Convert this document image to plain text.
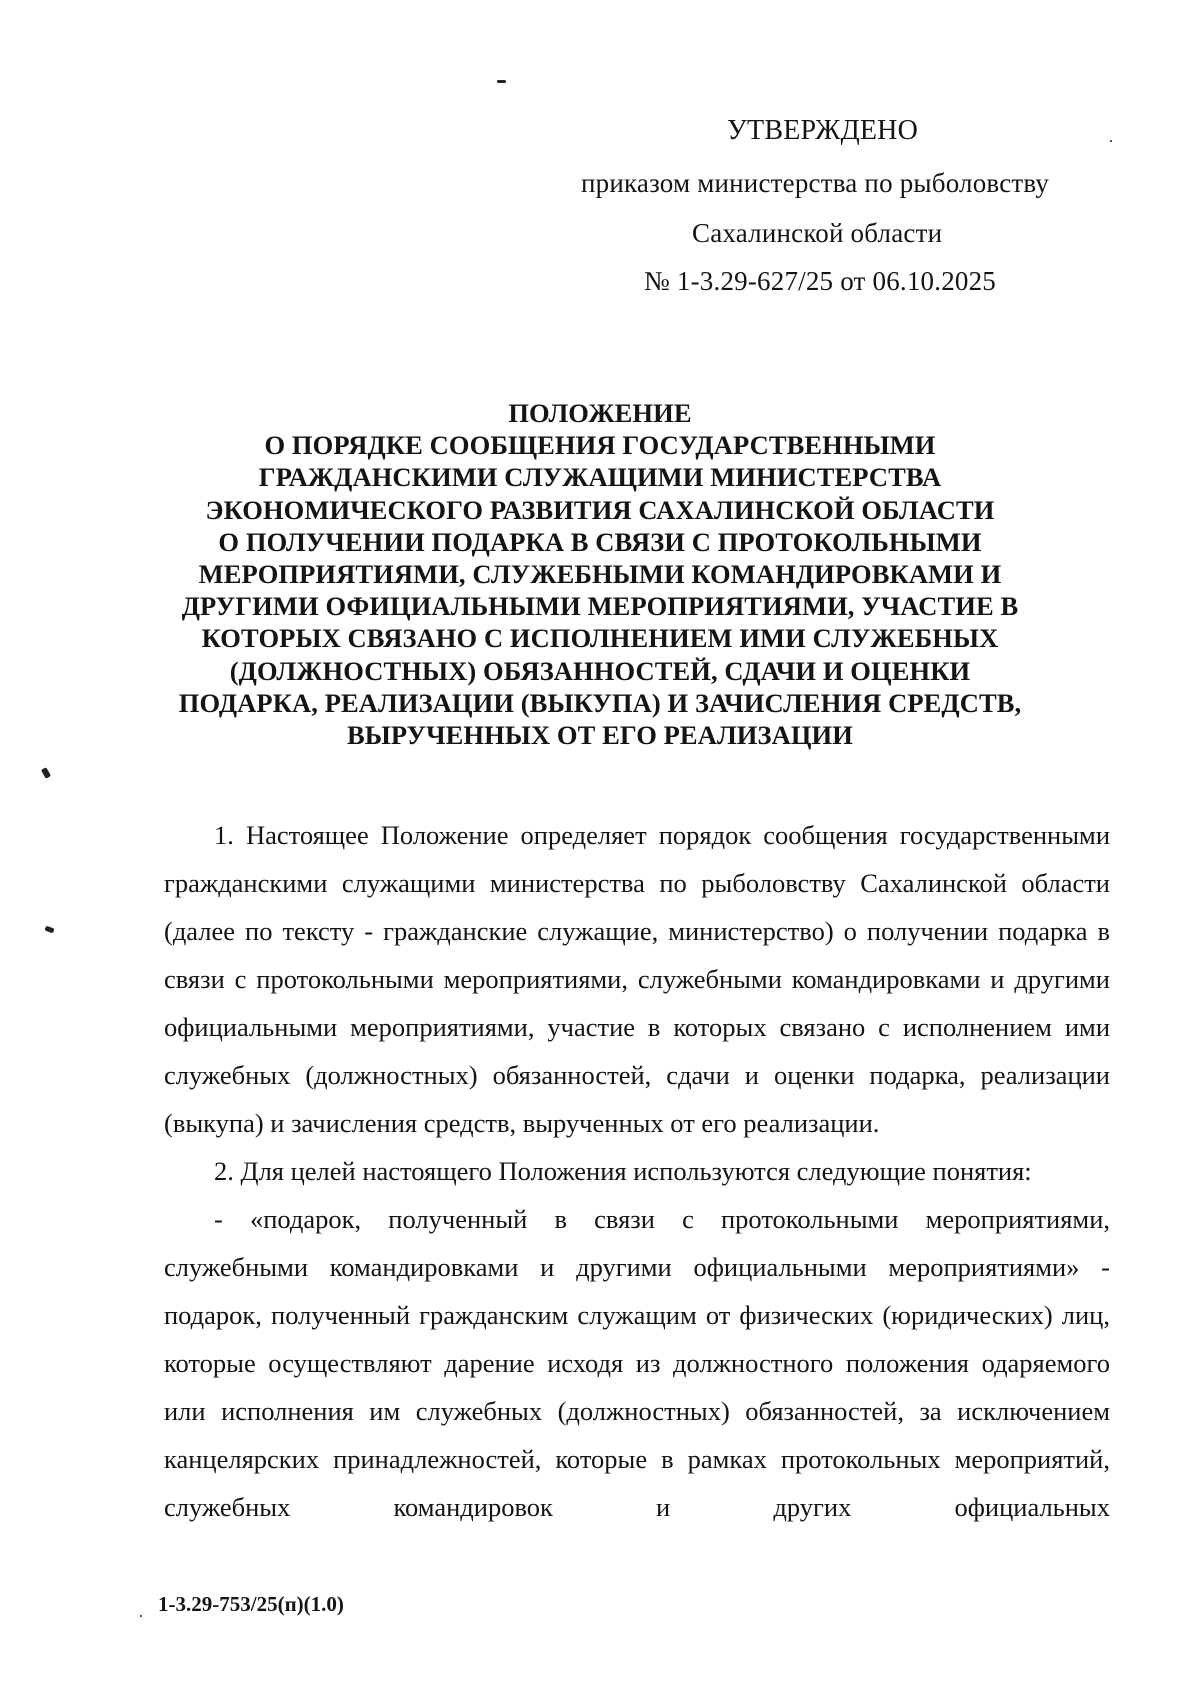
УТВЕРЖДЕНО
приказом министерства по рыболовству
Сахалинской области
№ 1-3.29-627/25 от 06.10.2025
ПОЛОЖЕНИЕ
О ПОРЯДКЕ СООБЩЕНИЯ ГОСУДАРСТВЕННЫМИ
ГРАЖДАНСКИМИ СЛУЖАЩИМИ МИНИСТЕРСТВА
ЭКОНОМИЧЕСКОГО РАЗВИТИЯ САХАЛИНСКОЙ ОБЛАСТИ
О ПОЛУЧЕНИИ ПОДАРКА В СВЯЗИ С ПРОТОКОЛЬНЫМИ
МЕРОПРИЯТИЯМИ, СЛУЖЕБНЫМИ КОМАНДИРОВКАМИ И
ДРУГИМИ ОФИЦИАЛЬНЫМИ МЕРОПРИЯТИЯМИ, УЧАСТИЕ В
КОТОРЫХ СВЯЗАНО С ИСПОЛНЕНИЕМ ИМИ СЛУЖЕБНЫХ
(ДОЛЖНОСТНЫХ) ОБЯЗАННОСТЕЙ, СДАЧИ И ОЦЕНКИ
ПОДАРКА, РЕАЛИЗАЦИИ (ВЫКУПА) И ЗАЧИСЛЕНИЯ СРЕДСТВ,
ВЫРУЧЕННЫХ ОТ ЕГО РЕАЛИЗАЦИИ
1. Настоящее Положение определяет порядок сообщения государственными гражданскими служащими министерства по рыболовству Сахалинской области (далее по тексту - гражданские служащие, министерство) о получении подарка в связи с протокольными мероприятиями, служебными командировками и другими официальными мероприятиями, участие в которых связано с исполнением ими служебных (должностных) обязанностей, сдачи и оценки подарка, реализации (выкупа) и зачисления средств, вырученных от его реализации.
2. Для целей настоящего Положения используются следующие понятия:
- «подарок, полученный в связи с протокольными мероприятиями, служебными командировками и другими официальными мероприятиями» - подарок, полученный гражданским служащим от физических (юридических) лиц, которые осуществляют дарение исходя из должностного положения одаряемого или исполнения им служебных (должностных) обязанностей, за исключением канцелярских принадлежностей, которые в рамках протокольных мероприятий, служебных командировок и других официальных
1-3.29-753/25(п)(1.0)
